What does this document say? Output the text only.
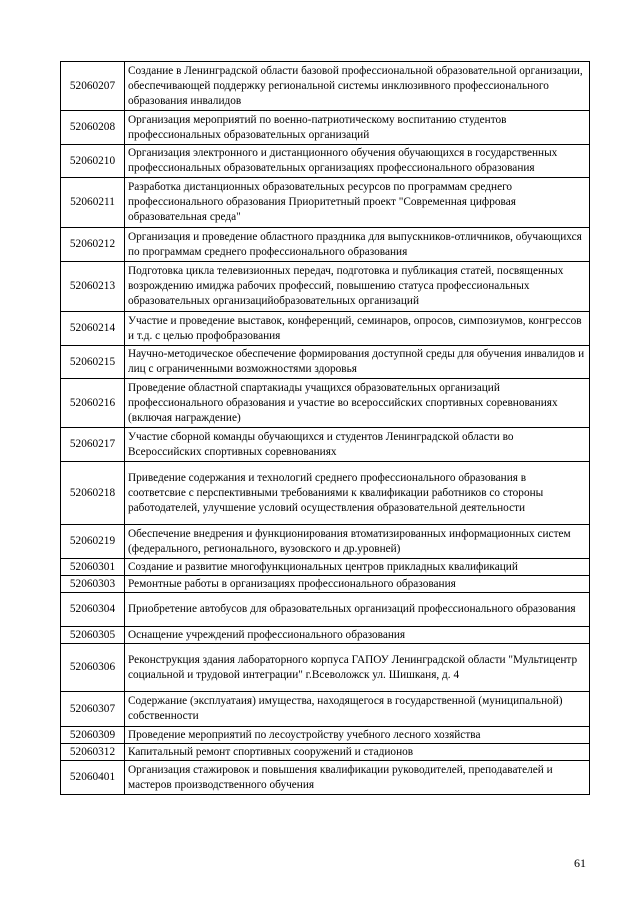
52060207	Создание в Ленинградской области базовой профессиональной образовательной организации, обеспечивающей поддержку региональной системы инклюзивного профессионального образования инвалидов
52060208	Организация мероприятий по военно-патриотическому воспитанию студентов профессиональных образовательных организаций
52060210	Организация электронного и дистанционного обучения обучающихся в государственных профессиональных образовательных организациях профессионального образования
52060211	Разработка дистанционных образовательных ресурсов по программам среднего профессионального образования Приоритетный проект "Современная цифровая образовательная среда"
52060212	Организация и проведение областного праздника для выпускников-отличников, обучающихся по программам среднего профессионального образования
52060213	Подготовка цикла телевизионных передач, подготовка и публикация статей, посвященных возрождению имиджа рабочих профессий, повышению статуса профессиональных образовательных организацийобразовательных организаций
52060214	Участие и проведение выставок, конференций, семинаров, опросов, симпозиумов, конгрессов и т.д. с целью профобразования
52060215	Научно-методическое обеспечение формирования доступной среды для обучения инвалидов и лиц с ограниченными возможностями здоровья
52060216	Проведение областной спартакиады учащихся образовательных организаций профессионального образования и участие во всероссийских спортивных соревнованиях (включая награждение)
52060217	Участие сборной команды обучающихся и студентов Ленинградской области во Всероссийских спортивных соревнованиях
52060218	Приведение содержания и технологий среднего профессионального образования в соответсвие с перспективными требованиями к квалификации работников со стороны работодателей, улучшение условий осуществления образовательной деятельности
52060219	Обеспечение внедрения и функционирования втоматизированных информационных систем (федерального, регионального, вузовского и др.уровней)
52060301	Создание и развитие многофункциональных центров прикладных квалификаций
52060303	Ремонтные работы в организациях профессионального образования
52060304	Приобретение автобусов для образовательных организаций профессионального образования
52060305	Оснащение учреждений профессионального образования
52060306	Реконструкция здания лабораторного корпуса ГАПОУ Ленинградской области "Мультицентр социальной и трудовой интеграции" г.Всеволожск ул. Шишканя, д. 4
52060307	Содержание (эксплуатаия) имущества, находящегося в государственной (муниципальной) собственности
52060309	Проведение мероприятий по лесоустройству учебного лесного хозяйства
52060312	Капитальный ремонт спортивных сооружений и стадионов
52060401	Организация стажировок и повышения квалификации руководителей, преподавателей и мастеров производственного обучения
61
